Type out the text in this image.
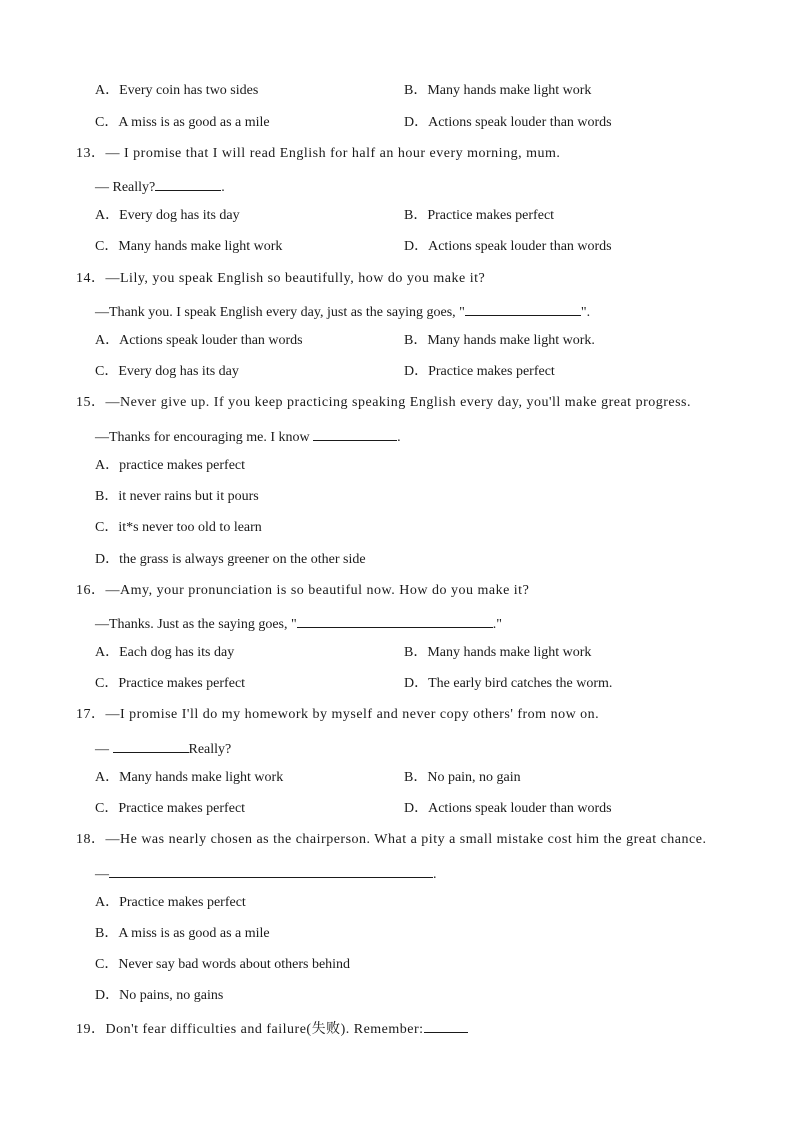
A．Every coin has two sides	B．Many hands make light work
C．A miss is as good as a mile	D．Actions speak louder than words
13．— I promise that I will read English for half an hour every morning, mum.
— Really?	.
A．Every dog has its day	B．Practice makes perfect
C．Many hands make light work	D．Actions speak louder than words
14．—Lily, you speak English so beautifully, how do you make it?
—Thank you. I speak English every day, just as the saying goes, "	".
A．Actions speak louder than words	B．Many hands make light work.
C．Every dog has its day	D．Practice makes perfect
15．—Never give up. If you keep practicing speaking English every day, you'll make great progress.
—Thanks for encouraging me. I know	.
A．practice makes perfect
B．it never rains but it pours
C．it*s never too old to learn
D．the grass is always greener on the other side
16．—Amy, your pronunciation is so beautiful now. How do you make it?
—Thanks. Just as the saying goes, "	."
A．Each dog has its day	B．Many hands make light work
C．Practice makes perfect	D．The early bird catches the worm.
17．—I promise I'll do my homework by myself and never copy others' from now on.
—	Really?
A．Many hands make light work	B．No pain, no gain
C．Practice makes perfect	D．Actions speak louder than words
18．—He was nearly chosen as the chairperson. What a pity a small mistake cost him the great chance.
—	.
A．Practice makes perfect
B．A miss is as good as a mile
C．Never say bad words about others behind
D．No pains, no gains
19．Don't fear difficulties and failure(失败). Remember:
